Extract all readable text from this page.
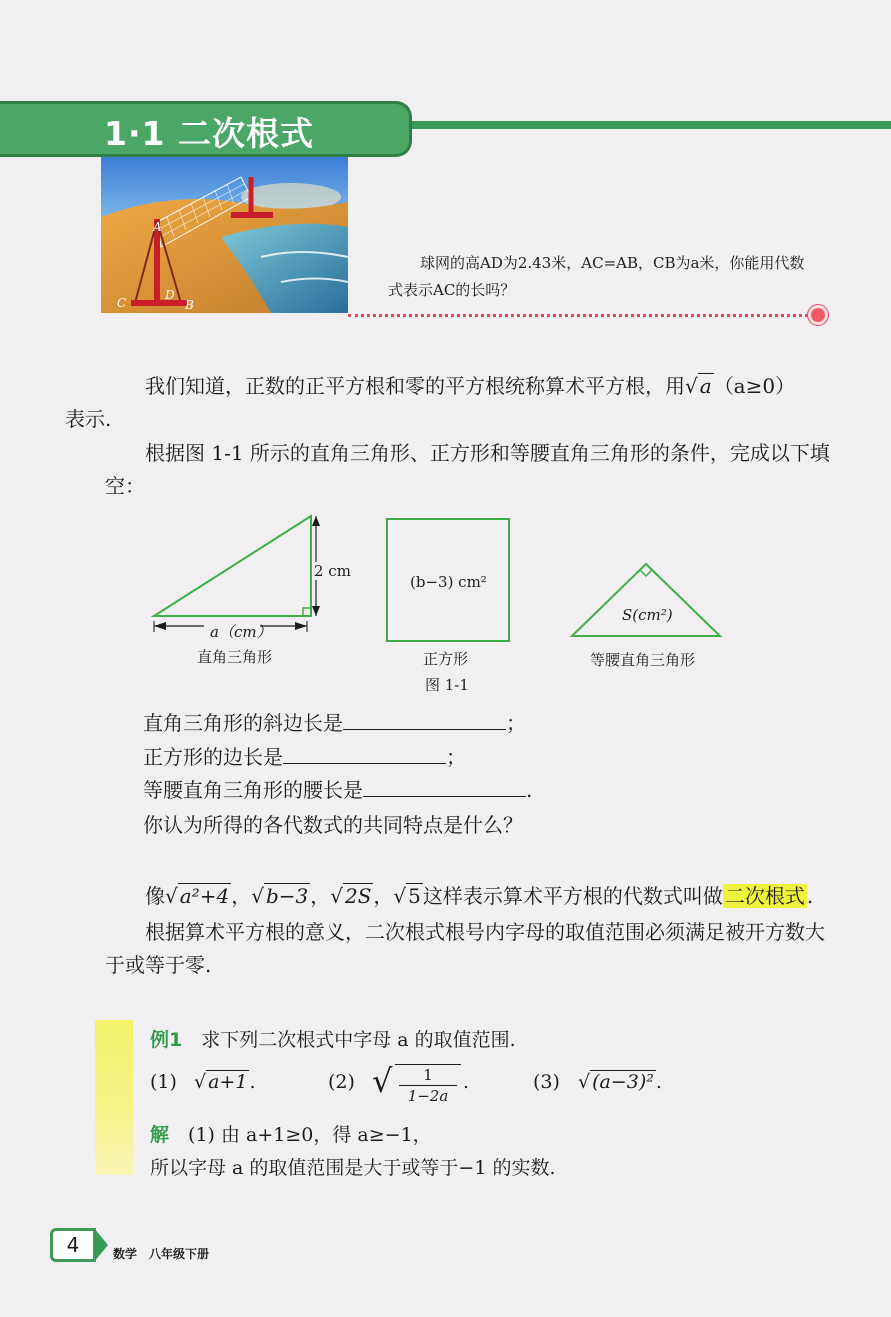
1·1 二次根式
A
C
D
B
球网的高AD为2.43米，AC=AB，CB为a米，你能用代数式表示AC的长吗？
我们知道，正数的正平方根和零的平方根统称算术平方根，用√ a （a≥0）
表示.
根据图 1-1 所示的直角三角形、正方形和等腰直角三角形的条件，完成以下填空：
2 cm
a（cm）
直角三角形
(b−3) cm²
正方形
S(cm²)
等腰直角三角形
图 1-1
直角三角形的斜边长是	；
正方形的边长是	；
等腰直角三角形的腰长是	.
你认为所得的各代数式的共同特点是什么？
像√ a²+4 ，√ b−3 ，√ 2S ，√ 5 这样表示算术平方根的代数式叫做 二次根式 .
根据算术平方根的意义，二次根式根号内字母的取值范围必须满足被开方数大于或等于零.
例1　 求下列二次根式中字母 a 的取值范围.
(1) √ a+1 .	(2) √ $\frac{1}{1-2a}$ .	(3) √ (a−3)² .
解　 (1) 由 a+1≥0，得 a≥−1，
所以字母 a 的取值范围是大于或等于−1 的实数.
4	数学　八年级下册
